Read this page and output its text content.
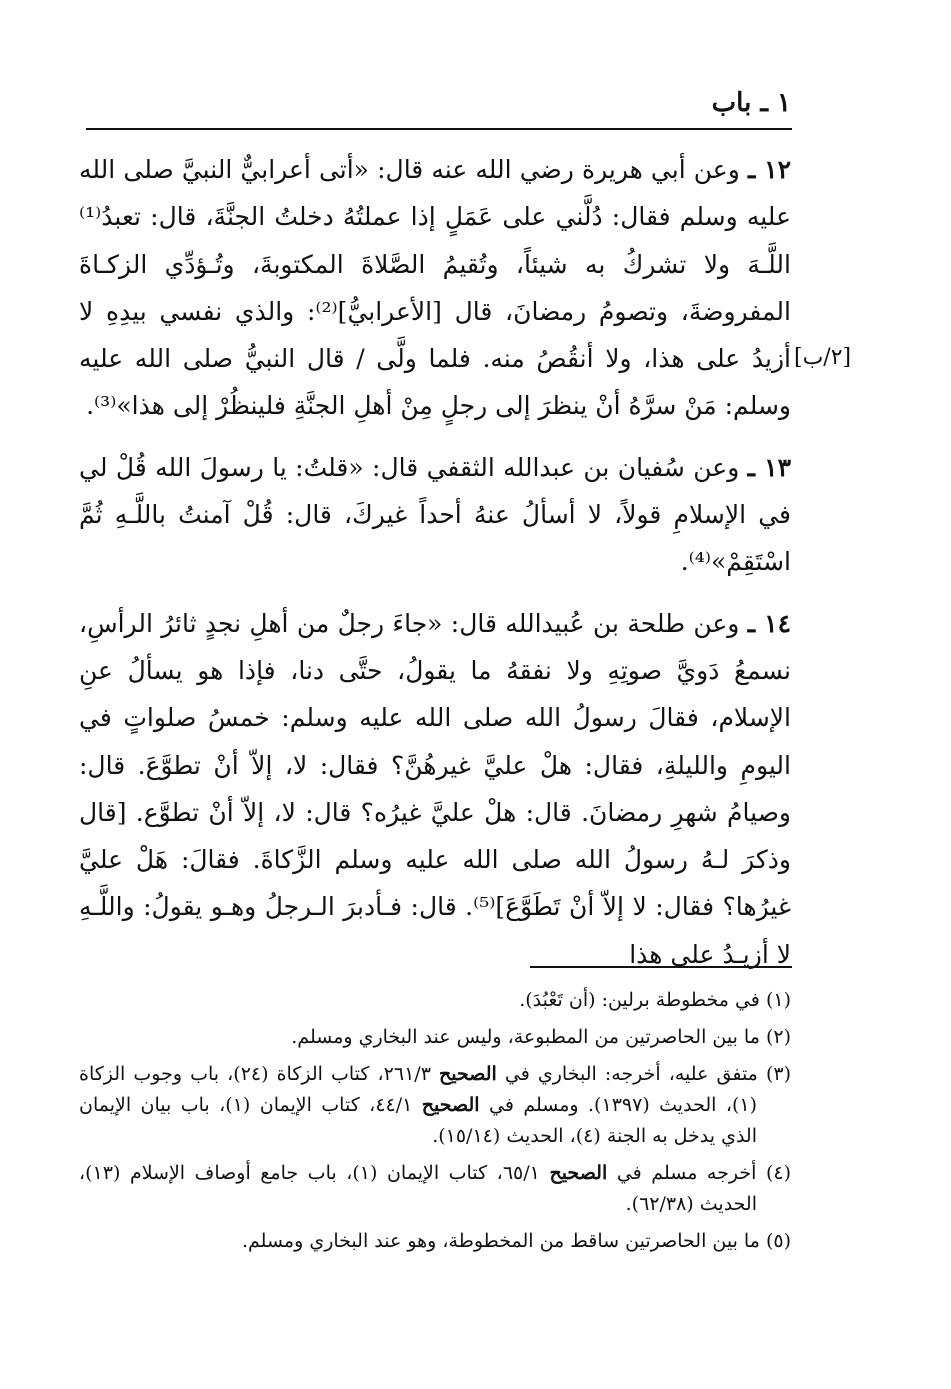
١ ـ باب
[٢/ب]

١٢ ـ وعن أبي هريرة رضي الله عنه قال: «أتى أعرابيٌّ النبيَّ صلى الله عليه وسلم فقال: دُلَّني على عَمَلٍ إذا عملتُهُ دخلتُ الجنَّةَ، قال: تعبدُ⁽¹⁾ اللَّـهَ ولا تشركُ به شيئاً، وتُقيمُ الصَّلاةَ المكتوبةَ، وتُـؤدِّي الزكـاةَ المفروضةَ، وتصومُ رمضانَ، قال [الأعرابيُّ]⁽²⁾: والذي نفسي بيدِهِ لا أزيدُ على هذا، ولا أنقُصُ منه. فلما ولَّى / قال النبيُّ صلى الله عليه وسلم: مَنْ سرَّهُ أنْ ينظرَ إلى رجلٍ مِنْ أهلِ الجنَّةِ فلينظُرْ إلى هذا»⁽³⁾.

١٣ ـ وعن سُفيان بن عبدالله الثقفي قال: «قلتُ: يا رسولَ الله قُلْ لي في الإسلامِ قولاً، لا أسألُ عنهُ أحداً غيركَ، قال: قُلْ آمنتُ باللَّـهِ ثُمَّ اسْتَقِمْ»⁽⁴⁾.

١٤ ـ وعن طلحة بن عُبيدالله قال: «جاءَ رجلٌ من أهلِ نجدٍ ثائرُ الرأسِ، نسمعُ دَويَّ صوتِهِ ولا نفقهُ ما يقولُ، حتَّى دنا، فإذا هو يسألُ عنِ الإسلام، فقالَ رسولُ الله صلى الله عليه وسلم: خمسُ صلواتٍ في اليومِ والليلةِ، فقال: هلْ عليَّ غيرهُنَّ؟ فقال: لا، إلاّ أنْ تطوَّعَ. قال: وصيامُ شهرِ رمضانَ. قال: هلْ عليَّ غيرُه؟ قال: لا، إلاّ أنْ تطوَّع. [قال وذكرَ لـهُ رسولُ الله صلى الله عليه وسلم الزَّكاةَ. فقالَ: هَلْ عليَّ غيرُها؟ فقال: لا إلاّ أنْ تَطَوَّعَ]⁽⁵⁾. قال: فـأدبرَ الـرجلُ وهـو يقولُ: واللَّـهِ لا أزيـدُ على هذا

(١) في مخطوطة برلين: (أن تَعْبُدَ).

(٢) ما بين الحاصرتين من المطبوعة، وليس عند البخاري ومسلم.

(٣) متفق عليه، أخرجه: البخاري في الصحيح ٢٦١/٣، كتاب الزكاة (٢٤)، باب وجوب الزكاة (١)، الحديث (١٣٩٧). ومسلم في الصحيح ٤٤/١، كتاب الإيمان (١)، باب بيان الإيمان الذي يدخل به الجنة (٤)، الحديث (١٥/١٤).

(٤) أخرجه مسلم في الصحيح ٦٥/١، كتاب الإيمان (١)، باب جامع أوصاف الإسلام (١٣)، الحديث (٦٢/٣٨).

(٥) ما بين الحاصرتين ساقط من المخطوطة، وهو عند البخاري ومسلم.
